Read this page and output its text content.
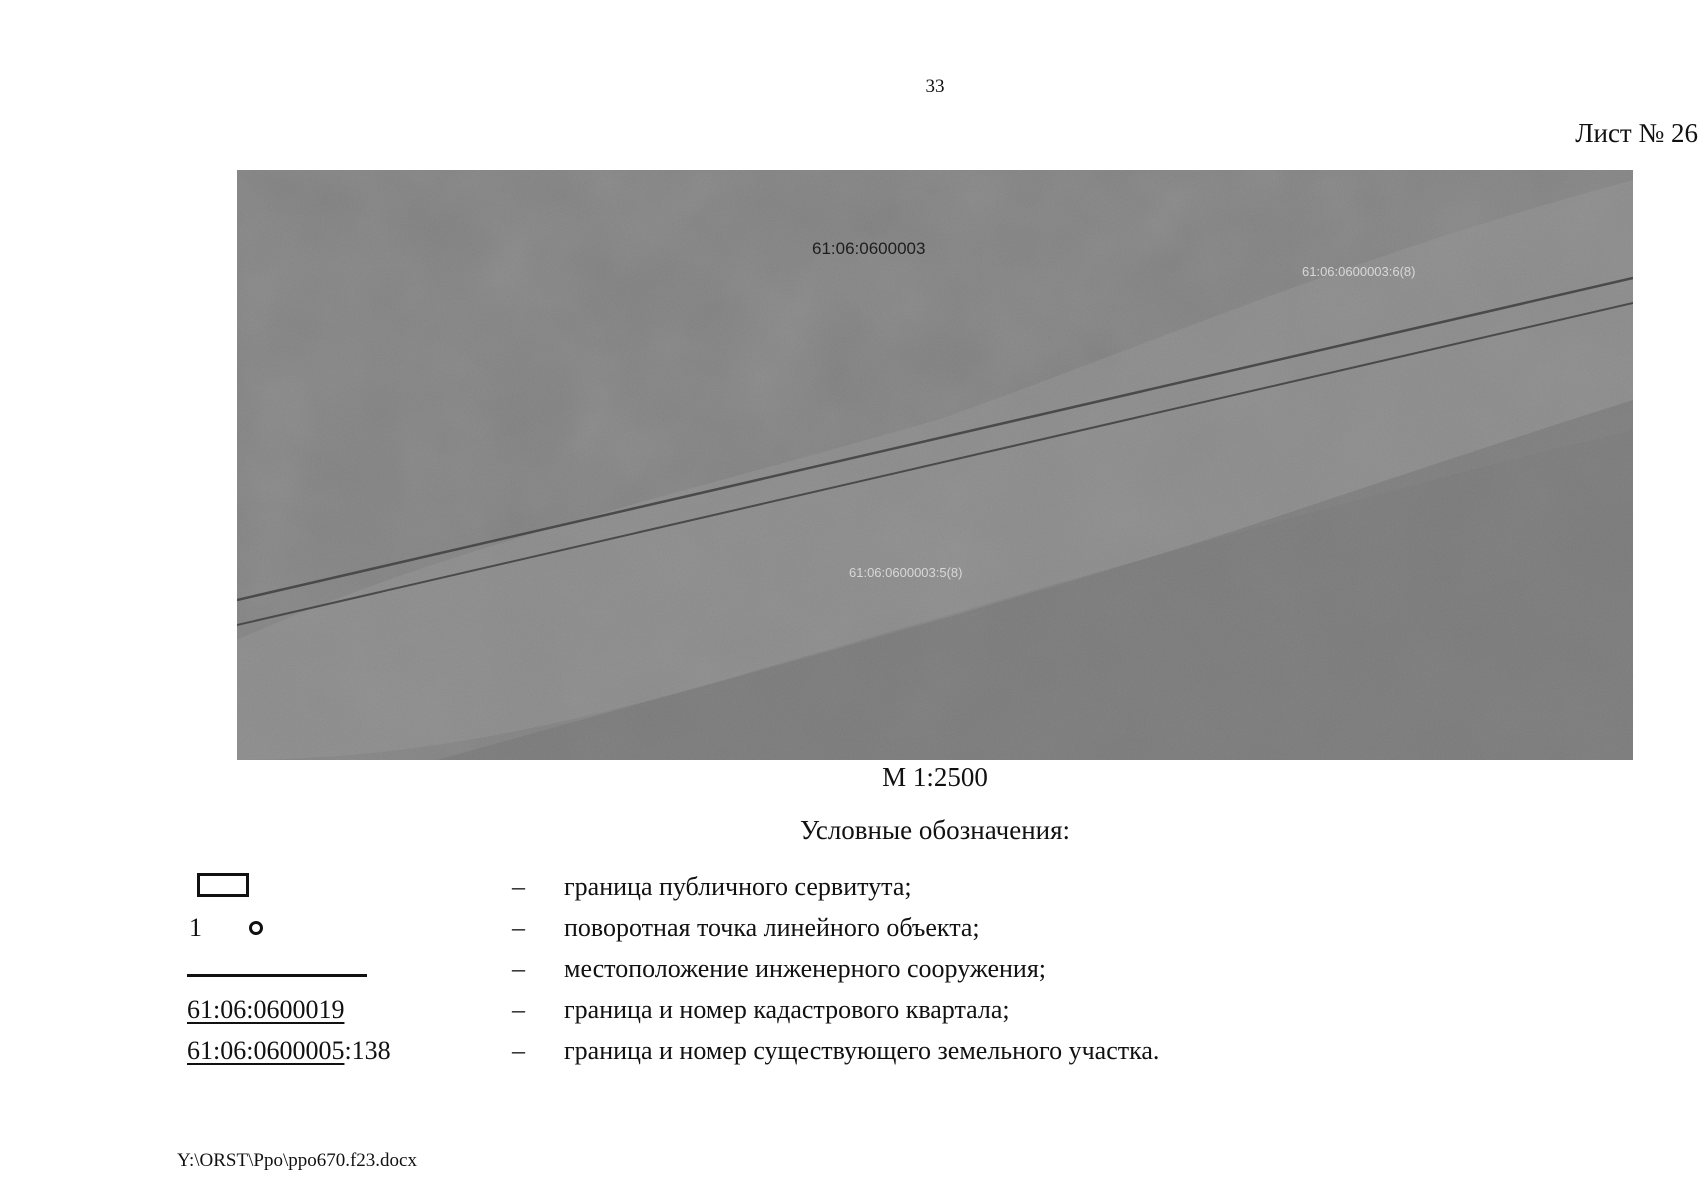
33
Лист № 26
61:06:0600003
61:06:0600003:6(8)
61:06:0600003:5(8)
М 1:2500
Условные обозначения:
– граница публичного сервитута;
1	– поворотная точка линейного объекта;
– местоположение инженерного сооружения;
61:06:0600019	– граница и номер кадастрового квартала;
61:06:0600005:138	– граница и номер существующего земельного участка.
Y:\ORST\Ppo\ppo670.f23.docx
